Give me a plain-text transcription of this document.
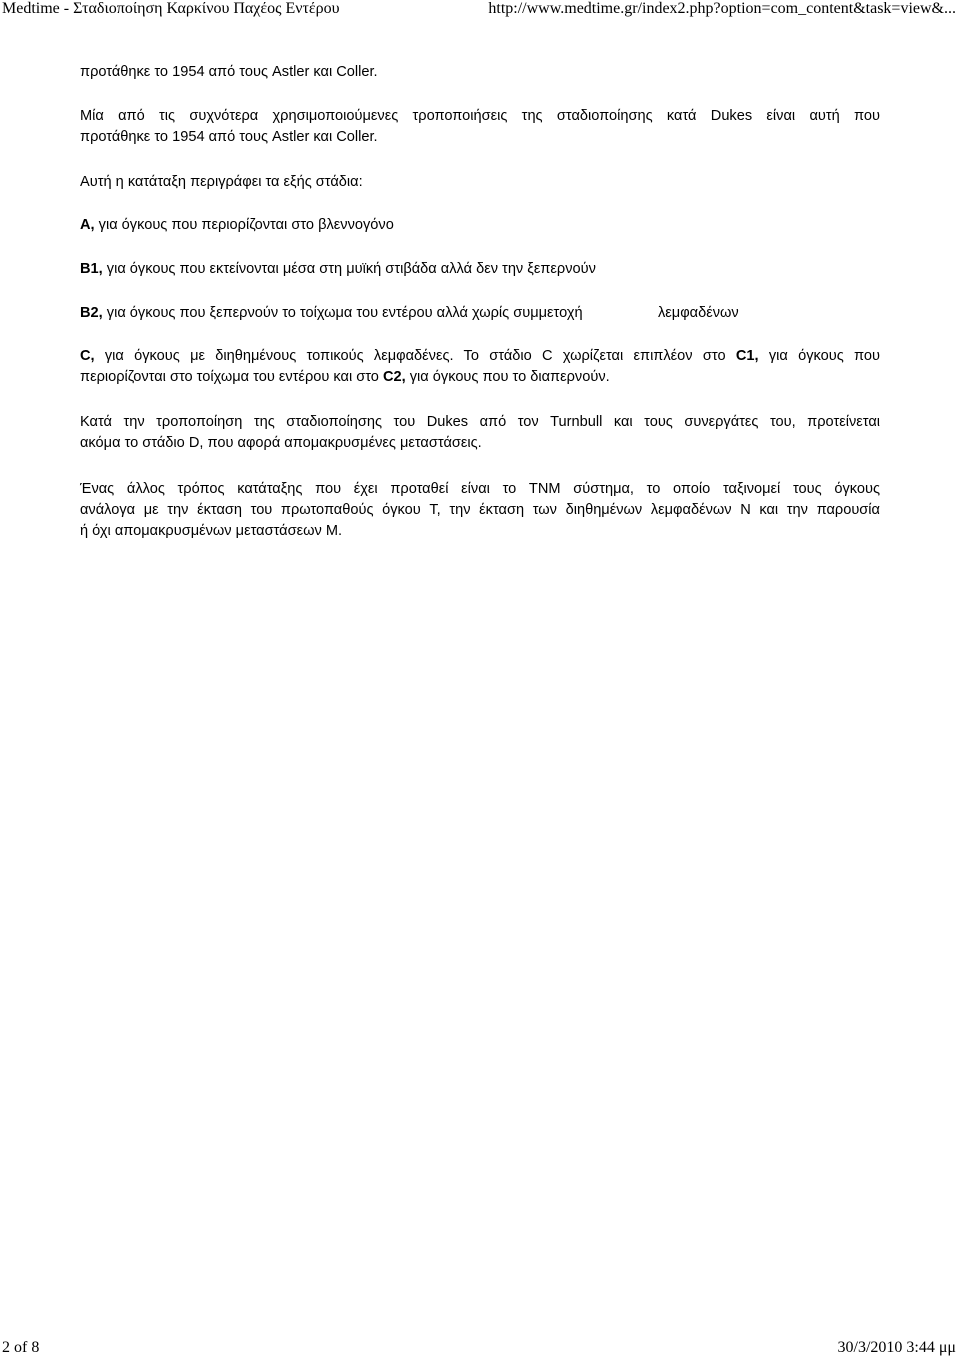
Medtime - Σταδιοποίηση Καρκίνου Παχέος Εντέρου	http://www.medtime.gr/index2.php?option=com_content&task=view&...

προτάθηκε το 1954 από τους Astler και Coller.

Μία από τις συχνότερα χρησιμοποιούμενες τροποποιήσεις της σταδιοποίησης κατά Dukes είναι αυτή που
προτάθηκε το 1954 από τους Astler και Coller.

Αυτή η κατάταξη περιγράφει τα εξής στάδια:

Α, για όγκους που περιορίζονται στο βλεννογόνο

Β1, για όγκους που εκτείνονται μέσα στη μυϊκή στιβάδα αλλά δεν την ξεπερνούν

Β2, για όγκους που ξεπερνούν το τοίχωμα του εντέρου αλλά χωρίς συμμετοχή	λεμφαδένων

C, για όγκους με διηθημένους τοπικούς λεμφαδένες. Το στάδιο C χωρίζεται επιπλέον στο C1, για όγκους που
περιορίζονται στο τοίχωμα του εντέρου και στο C2, για όγκους που το διαπερνούν.

Κατά την τροποποίηση της σταδιοποίησης του Dukes από τον Turnbull και τους συνεργάτες του, προτείνεται
ακόμα το στάδιο D, που αφορά απομακρυσμένες μεταστάσεις.

Ένας άλλος τρόπος κατάταξης που έχει προταθεί είναι το TNM σύστημα, το οποίο ταξινομεί τους όγκους
ανάλογα με την έκταση του πρωτοπαθούς όγκου T, την έκταση των διηθημένων λεμφαδένων N και την παρουσία
ή όχι απομακρυσμένων μεταστάσεων M.

2 of 8	30/3/2010 3:44 μμ
